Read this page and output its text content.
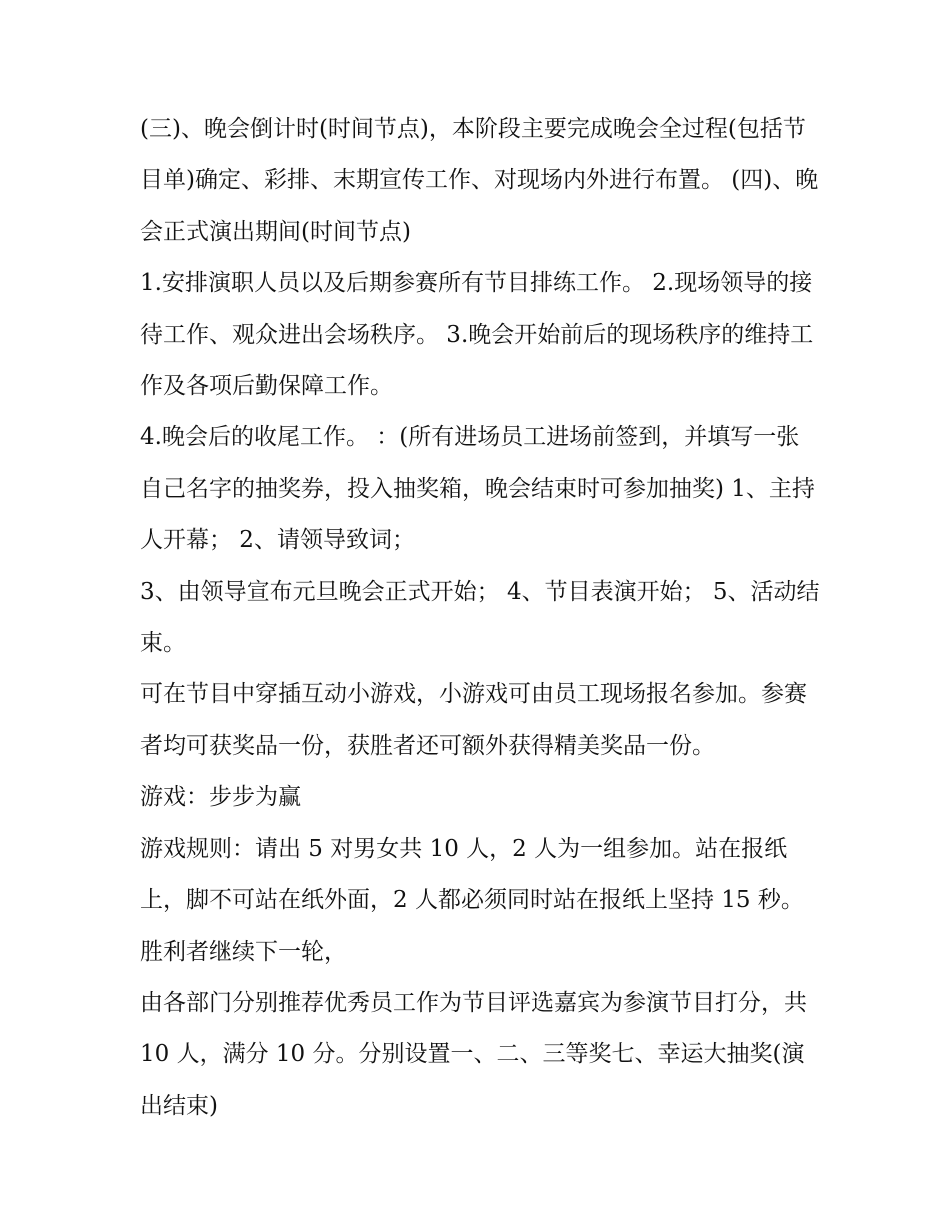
(三)、晚会倒计时(时间节点)，本阶段主要完成晚会全过程(包括节目单)确定、彩排、末期宣传工作、对现场内外进行布置。 (四)、晚会正式演出期间(时间节点)

1.安排演职人员以及后期参赛所有节目排练工作。 2.现场领导的接待工作、观众进出会场秩序。 3.晚会开始前后的现场秩序的维持工作及各项后勤保障工作。

4.晚会后的收尾工作。 ：(所有进场员工进场前签到，并填写一张自己名字的抽奖券，投入抽奖箱，晚会结束时可参加抽奖) 1、主持人开幕； 2、请领导致词；

3、由领导宣布元旦晚会正式开始； 4、节目表演开始； 5、活动结束。

可在节目中穿插互动小游戏，小游戏可由员工现场报名参加。参赛者均可获奖品一份，获胜者还可额外获得精美奖品一份。

游戏：步步为赢

游戏规则：请出 5 对男女共 10 人，2 人为一组参加。站在报纸上，脚不可站在纸外面，2 人都必须同时站在报纸上坚持 15 秒。胜利者继续下一轮，

由各部门分别推荐优秀员工作为节目评选嘉宾为参演节目打分，共 10 人，满分 10 分。分别设置一、二、三等奖七、幸运大抽奖(演出结束)
